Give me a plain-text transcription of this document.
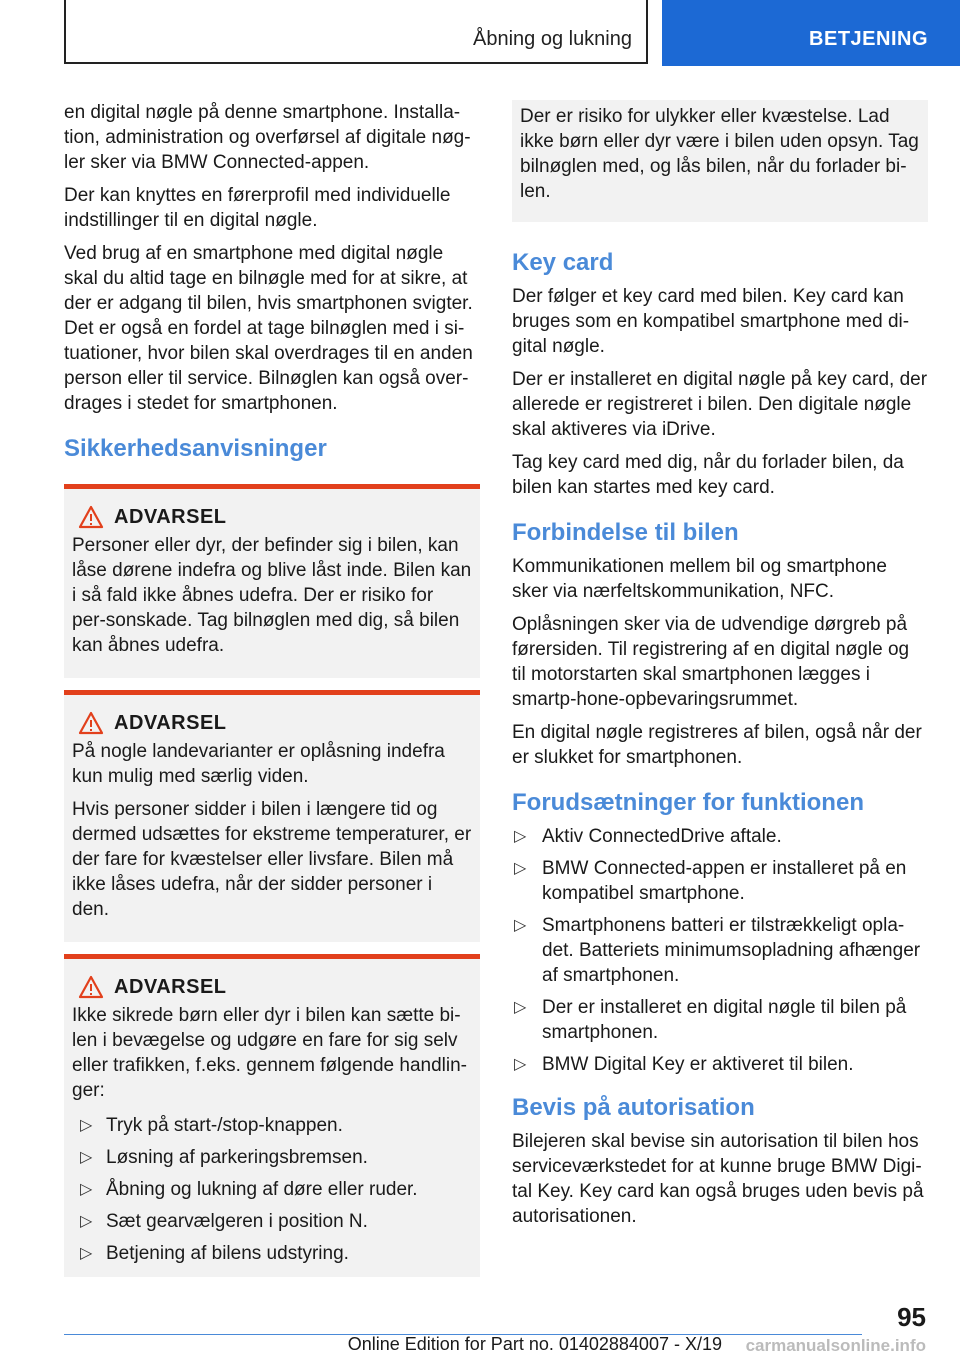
Åbning og lukning	BETJENING

en digital nøgle på denne smartphone. Installa-tion, administration og overførsel af digitale nøg-ler sker via BMW Connected-appen.

Der kan knyttes en førerprofil med individuelle indstillinger til en digital nøgle.

Ved brug af en smartphone med digital nøgle skal du altid tage en bilnøgle med for at sikre, at der er adgang til bilen, hvis smartphonen svigter. Det er også en fordel at tage bilnøglen med i si-tuationer, hvor bilen skal overdrages til en anden person eller til service. Bilnøglen kan også over-drages i stedet for smartphonen.

Sikkerhedsanvisninger
ADVARSEL

Personer eller dyr, der befinder sig i bilen, kan låse dørene indefra og blive låst inde. Bilen kan i så fald ikke åbnes udefra. Der er risiko for per-sonskade. Tag bilnøglen med dig, så bilen kan åbnes udefra.

ADVARSEL

På nogle landevarianter er oplåsning indefra kun mulig med særlig viden.

Hvis personer sidder i bilen i længere tid og dermed udsættes for ekstreme temperaturer, er der fare for kvæstelser eller livsfare. Bilen må ikke låses udefra, når der sidder personer i den.

ADVARSEL

Ikke sikrede børn eller dyr i bilen kan sætte bi-len i bevægelse og udgøre en fare for sig selv eller trafikken, f.eks. gennem følgende handlin-ger:

▷ Tryk på start-/stop-knappen.
▷ Løsning af parkeringsbremsen.
▷ Åbning og lukning af døre eller ruder.
▷ Sæt gearvælgeren i position N.
▷ Betjening af bilens udstyring.

Der er risiko for ulykker eller kvæstelse. Lad ikke børn eller dyr være i bilen uden opsyn. Tag bilnøglen med, og lås bilen, når du forlader bi-len.

Key card

Der følger et key card med bilen. Key card kan bruges som en kompatibel smartphone med di-gital nøgle.

Der er installeret en digital nøgle på key card, der allerede er registreret i bilen. Den digitale nøgle skal aktiveres via iDrive.

Tag key card med dig, når du forlader bilen, da bilen kan startes med key card.

Forbindelse til bilen

Kommunikationen mellem bil og smartphone sker via nærfeltskommunikation, NFC.

Oplåsningen sker via de udvendige dørgreb på førersiden. Til registrering af en digital nøgle og til motorstarten skal smartphonen lægges i smartp-hone-opbevaringsrummet.

En digital nøgle registreres af bilen, også når der er slukket for smartphonen.

Forudsætninger for funktionen
▷ Aktiv ConnectedDrive aftale.
▷ BMW Connected-appen er installeret på en kompatibel smartphone.
▷ Smartphonens batteri er tilstrækkeligt opla-det. Batteriets minimumsopladning afhænger af smartphonen.
▷ Der er installeret en digital nøgle til bilen på smartphonen.
▷ BMW Digital Key er aktiveret til bilen.
Bevis på autorisation

Bilejeren skal bevise sin autorisation til bilen hos serviceværkstedet for at kunne bruge BMW Digi-tal Key. Key card kan også bruges uden bevis på autorisationen.

95
Online Edition for Part no. 01402884007 - X/19 carmanualsonline.info
